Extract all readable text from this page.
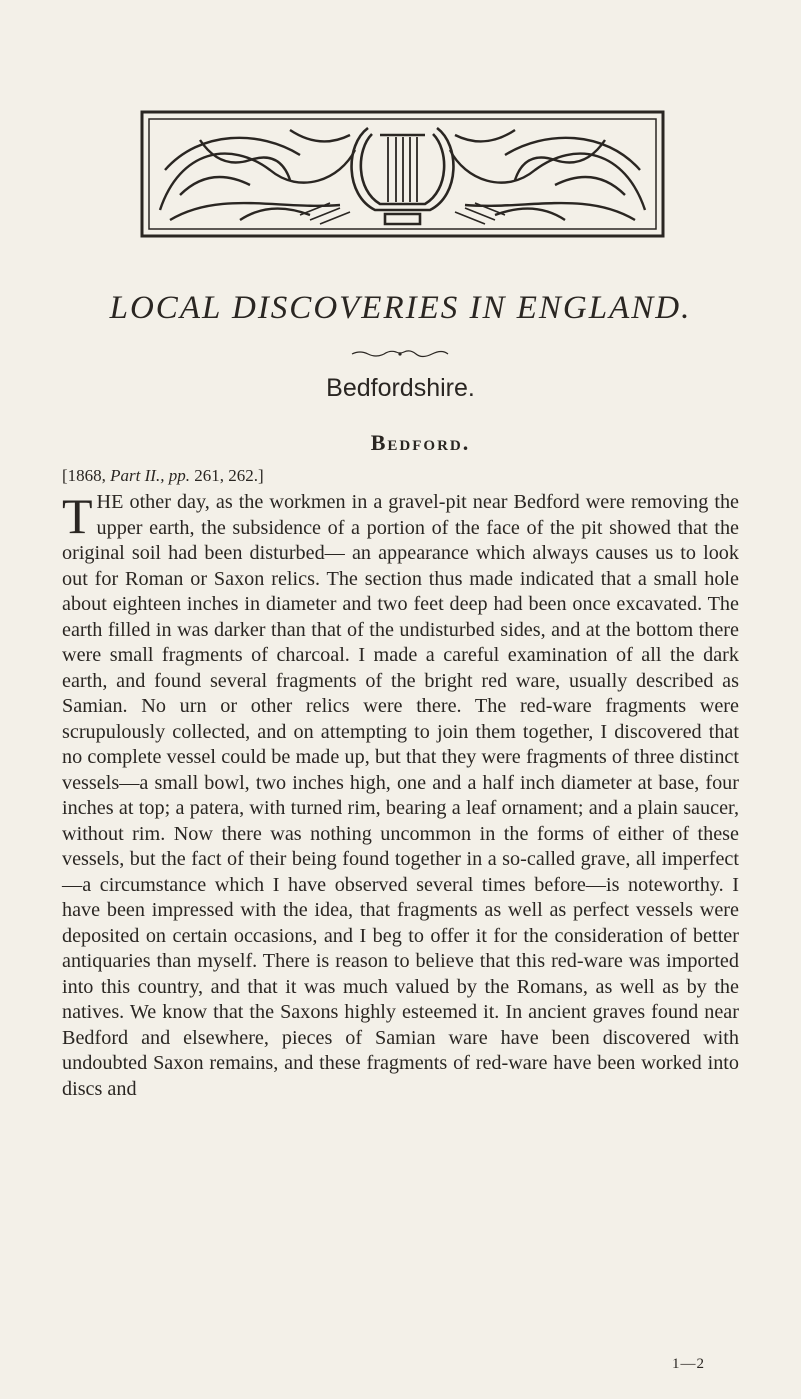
LOCAL DISCOVERIES IN ENGLAND.
Bedfordshire.
Bedford.
[1868, Part II., pp. 261, 262.]

THE other day, as the workmen in a gravel-pit near Bedford were removing the upper earth, the subsidence of a portion of the face of the pit showed that the original soil had been disturbed— an appearance which always causes us to look out for Roman or Saxon relics. The section thus made indicated that a small hole about eighteen inches in diameter and two feet deep had been once excavated. The earth filled in was darker than that of the undisturbed sides, and at the bottom there were small fragments of charcoal. I made a careful examination of all the dark earth, and found several fragments of the bright red ware, usually described as Samian. No urn or other relics were there. The red-ware fragments were scrupulously collected, and on attempting to join them together, I discovered that no complete vessel could be made up, but that they were fragments of three distinct vessels—a small bowl, two inches high, one and a half inch diameter at base, four inches at top; a patera, with turned rim, bearing a leaf ornament; and a plain saucer, without rim. Now there was nothing uncommon in the forms of either of these vessels, but the fact of their being found together in a so-called grave, all imperfect—a circumstance which I have observed several times before—is noteworthy. I have been impressed with the idea, that fragments as well as perfect vessels were deposited on certain occasions, and I beg to offer it for the consideration of better antiquaries than myself. There is reason to believe that this red-ware was imported into this country, and that it was much valued by the Romans, as well as by the natives. We know that the Saxons highly esteemed it. In ancient graves found near Bedford and elsewhere, pieces of Samian ware have been discovered with undoubted Saxon remains, and these fragments of red-ware have been worked into discs and

1—2
